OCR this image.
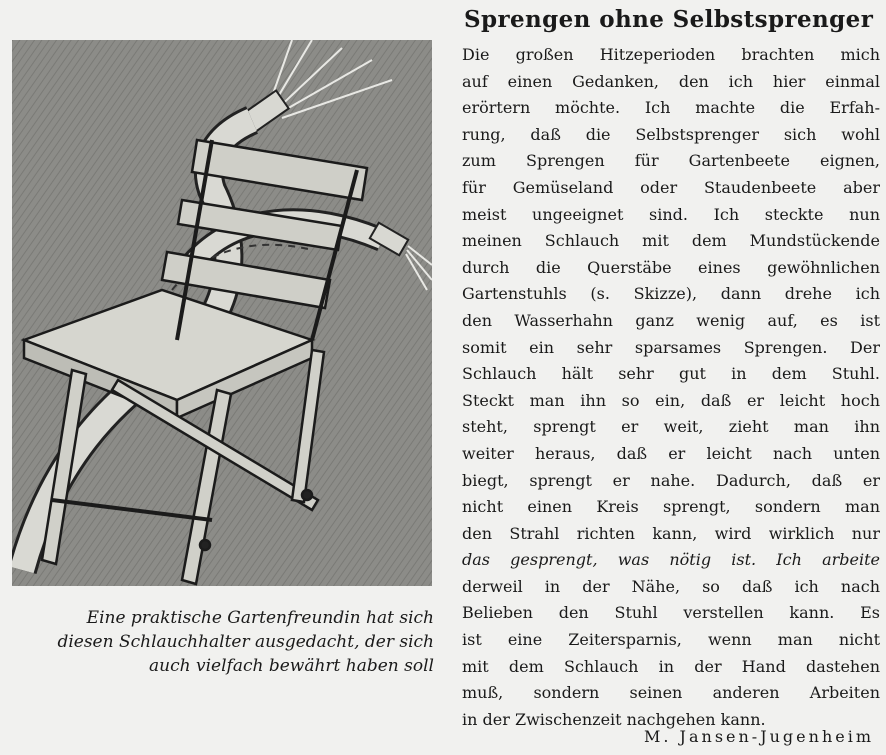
Eine praktische Gartenfreundin hat sich
diesen Schlauchhalter ausgedacht, der sich
auch vielfach bewährt haben soll
Sprengen ohne Selbstsprenger
Die großen Hitzeperioden brachten mich
auf einen Gedanken, den ich hier einmal
erörtern möchte. Ich machte die Erfah-
rung, daß die Selbstsprenger sich wohl
zum Sprengen für Gartenbeete eignen,
für Gemüseland oder Staudenbeete aber
meist ungeeignet sind. Ich steckte nun
meinen Schlauch mit dem Mundstückende
durch die Querstäbe eines gewöhnlichen
Gartenstuhls (s. Skizze), dann drehe ich
den Wasserhahn ganz wenig auf, es ist
somit ein sehr sparsames Sprengen. Der
Schlauch hält sehr gut in dem Stuhl.
Steckt man ihn so ein, daß er leicht hoch
steht, sprengt er weit, zieht man ihn
weiter heraus, daß er leicht nach unten
biegt, sprengt er nahe. Dadurch, daß er
nicht einen Kreis sprengt, sondern man
den Strahl richten kann, wird wirklich nur
das gesprengt, was nötig ist. Ich arbeite
derweil in der Nähe, so daß ich nach
Belieben den Stuhl verstellen kann. Es
ist eine Zeitersparnis, wenn man nicht
mit dem Schlauch in der Hand dastehen
muß, sondern seinen anderen Arbeiten
in der Zwischenzeit nachgehen kann.
M. Jansen-Jugenheim
